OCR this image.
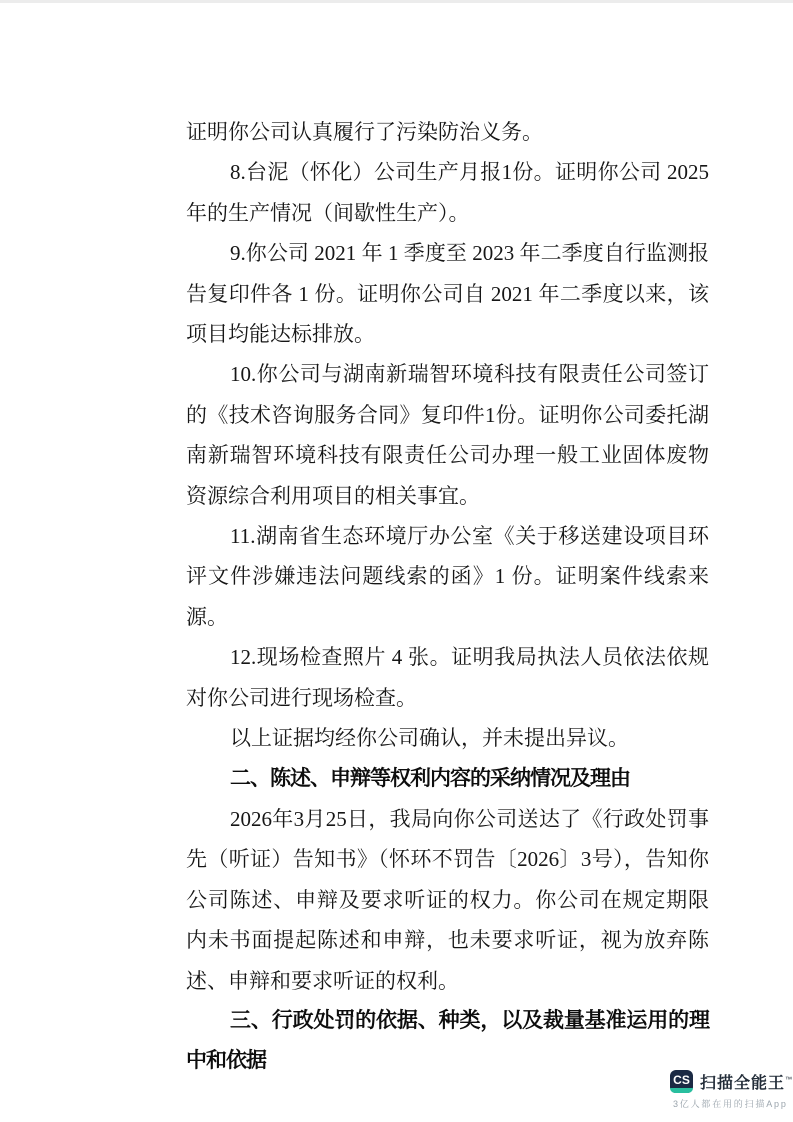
证明你公司认真履行了污染防治义务。

8.台泥（怀化）公司生产月报1份。证明你公司 2025 年的生产情况（间歇性生产）。

9.你公司 2021 年 1 季度至 2023 年二季度自行监测报告复印件各 1 份。证明你公司自 2021 年二季度以来，该项目均能达标排放。

10.你公司与湖南新瑞智环境科技有限责任公司签订的《技术咨询服务合同》复印件1份。证明你公司委托湖南新瑞智环境科技有限责任公司办理一般工业固体废物资源综合利用项目的相关事宜。

11.湖南省生态环境厅办公室《关于移送建设项目环评文件涉嫌违法问题线索的函》1 份。证明案件线索来源。

12.现场检查照片 4 张。证明我局执法人员依法依规对你公司进行现场检查。

以上证据均经你公司确认，并未提出异议。

二、陈述、申辩等权利内容的采纳情况及理由

2026年3月25日，我局向你公司送达了《行政处罚事先（听证）告知书》（怀环不罚告〔2026〕3号），告知你公司陈述、申辩及要求听证的权力。你公司在规定期限内未书面提起陈述和申辩，也未要求听证，视为放弃陈述、申辩和要求听证的权利。

三、行政处罚的依据、种类，以及裁量基准运用的理中和依据

CS 扫描全能王™
3亿人都在用的扫描App
